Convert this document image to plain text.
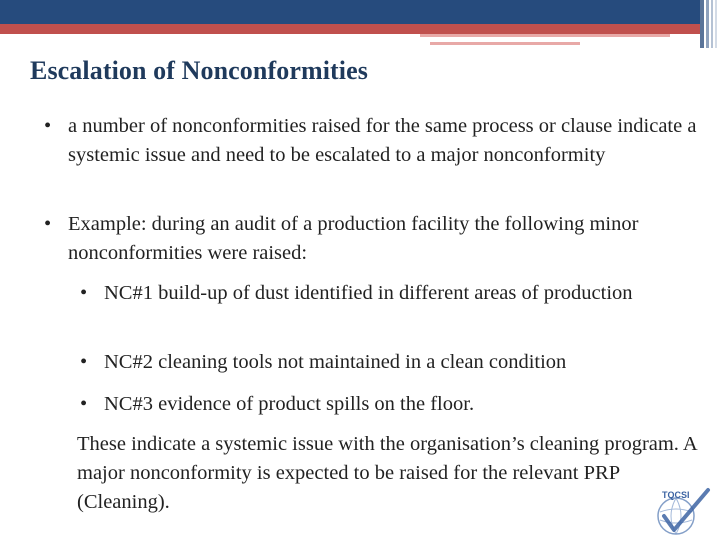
Escalation of Nonconformities
• a number of nonconformities raised for the same process or clause indicate a systemic issue and need to be escalated to a major nonconformity
• Example: during an audit of a production facility the following minor nonconformities were raised:
• NC#1 build-up of dust identified in different areas of production
• NC#2 cleaning tools not maintained in a clean condition
• NC#3 evidence of product spills on the floor.

These indicate a systemic issue with the organisation’s cleaning program. A major nonconformity is expected to be raised for the relevant PRP (Cleaning).	TQCSI
